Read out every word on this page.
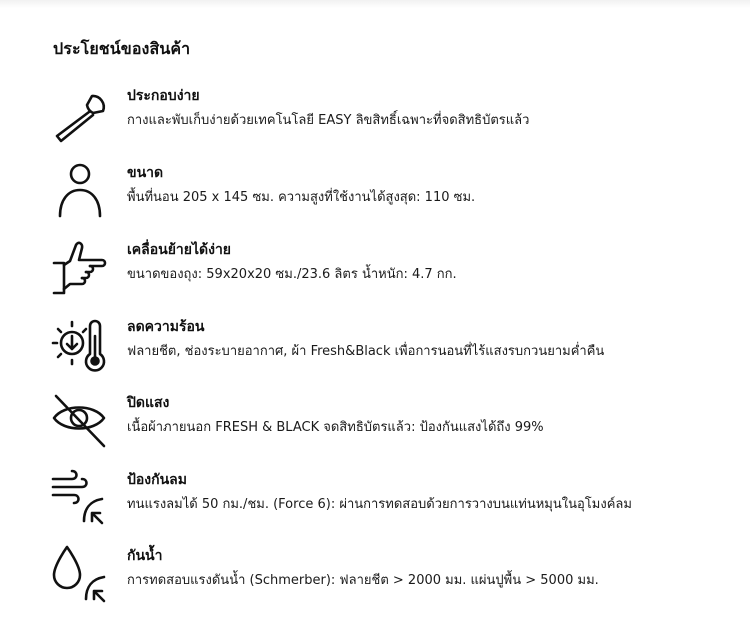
ประโยชน์ของสินค้า
ประกอบง่าย
กางและพับเก็บง่ายด้วยเทคโนโลยี EASY ลิขสิทธิ์เฉพาะที่จดสิทธิบัตรแล้ว
ขนาด
พื้นที่นอน 205 x 145 ซม. ความสูงที่ใช้งานได้สูงสุด: 110 ซม.
เคลื่อนย้ายได้ง่าย
ขนาดของถุง: 59x20x20 ซม./23.6 ลิตร น้ำหนัก: 4.7 กก.
ลดความร้อน
ฟลายชีต, ช่องระบายอากาศ, ผ้า Fresh&Black เพื่อการนอนที่ไร้แสงรบกวนยามค่ำคืน
ปิดแสง
เนื้อผ้าภายนอก FRESH & BLACK จดสิทธิบัตรแล้ว: ป้องกันแสงได้ถึง 99%
ป้องกันลม
ทนแรงลมได้ 50 กม./ชม. (Force 6): ผ่านการทดสอบด้วยการวางบนแท่นหมุนในอุโมงค์ลม
กันน้ำ
การทดสอบแรงดันน้ำ (Schmerber): ฟลายชีต > 2000 มม. แผ่นปูพื้น > 5000 มม.
